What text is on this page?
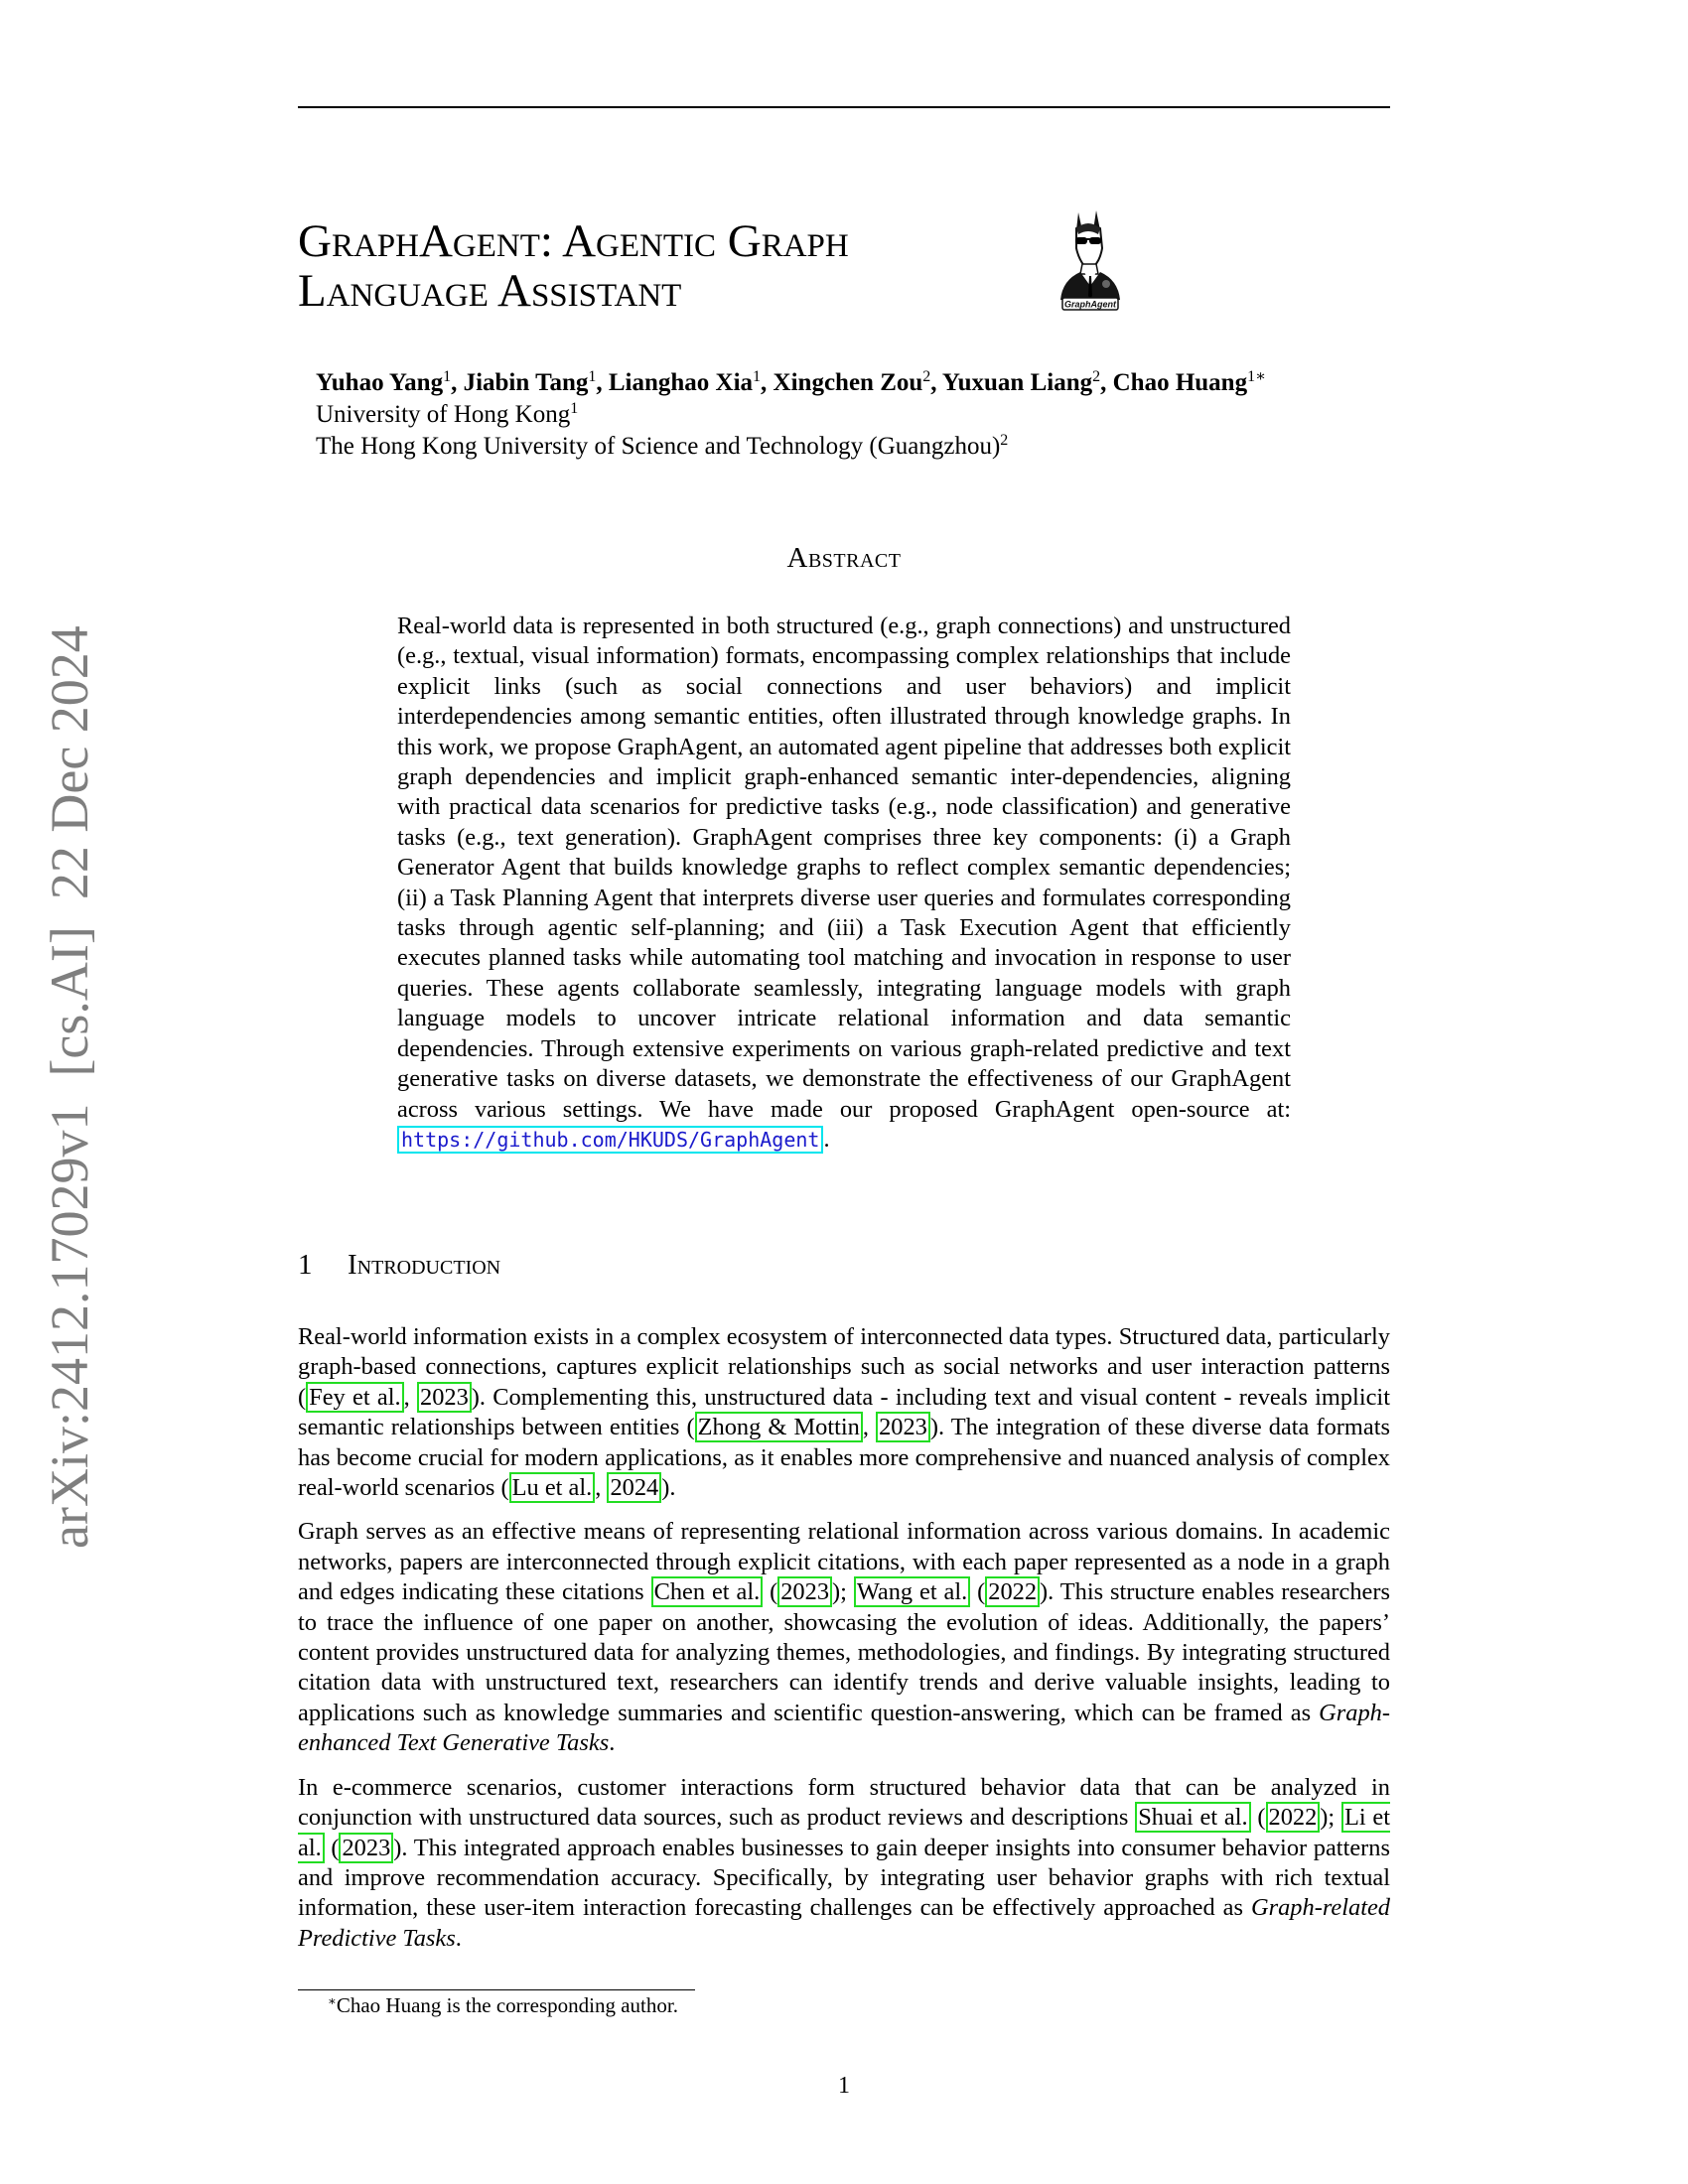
arXiv:2412.17029v1  [cs.AI]  22 Dec 2024
GraphAgent: Agentic Graph
Language Assistant	GraphAgent
Yuhao Yang$^1$, Jiabin Tang$^1$, Lianghao Xia$^1$, Xingchen Zou$^2$, Yuxuan Liang$^2$, Chao Huang$^{1∗}$
University of Hong Kong$^1$
The Hong Kong University of Science and Technology (Guangzhou)$^2$
Abstract
Real-world data is represented in both structured (e.g., graph connections) and unstructured (e.g., textual, visual information) formats, encompassing complex relationships that include explicit links (such as social connections and user behaviors) and implicit interdependencies among semantic entities, often illustrated through knowledge graphs. In this work, we propose GraphAgent, an automated agent pipeline that addresses both explicit graph dependencies and implicit graph-enhanced semantic inter-dependencies, aligning with practical data scenarios for predictive tasks (e.g., node classification) and generative tasks (e.g., text generation). GraphAgent comprises three key components: (i) a Graph Generator Agent that builds knowledge graphs to reflect complex semantic dependencies; (ii) a Task Planning Agent that interprets diverse user queries and formulates corresponding tasks through agentic self-planning; and (iii) a Task Execution Agent that efficiently executes planned tasks while automating tool matching and invocation in response to user queries. These agents collaborate seamlessly, integrating language models with graph language models to uncover intricate relational information and data semantic dependencies. Through extensive experiments on various graph-related predictive and text generative tasks on diverse datasets, we demonstrate the effectiveness of our GraphAgent across various settings. We have made our proposed GraphAgent open-source at: https://github.com/HKUDS/GraphAgent .
1 Introduction

Real-world information exists in a complex ecosystem of interconnected data types. Structured data, particularly graph-based connections, captures explicit relationships such as social networks and user interaction patterns ( Fey et al. , 2023 ). Complementing this, unstructured data - including text and visual content - reveals implicit semantic relationships between entities ( Zhong & Mottin , 2023 ). The integration of these diverse data formats has become crucial for modern applications, as it enables more comprehensive and nuanced analysis of complex real-world scenarios ( Lu et al. , 2024 ).

Graph serves as an effective means of representing relational information across various domains. In academic networks, papers are interconnected through explicit citations, with each paper represented as a node in a graph and edges indicating these citations Chen et al. ( 2023 ); Wang et al. ( 2022 ). This structure enables researchers to trace the influence of one paper on another, showcasing the evolution of ideas. Additionally, the papers’ content provides unstructured data for analyzing themes, methodologies, and findings. By integrating structured citation data with unstructured text, researchers can identify trends and derive valuable insights, leading to applications such as knowledge summaries and scientific question-answering, which can be framed as Graph-enhanced Text Generative Tasks.

In e-commerce scenarios, customer interactions form structured behavior data that can be analyzed in conjunction with unstructured data sources, such as product reviews and descriptions Shuai et al. ( 2022 ); Li et al. ( 2023 ). This integrated approach enables businesses to gain deeper insights into consumer behavior patterns and improve recommendation accuracy. Specifically, by integrating user behavior graphs with rich textual information, these user-item interaction forecasting challenges can be effectively approached as Graph-related Predictive Tasks.

∗Chao Huang is the corresponding author.
1
